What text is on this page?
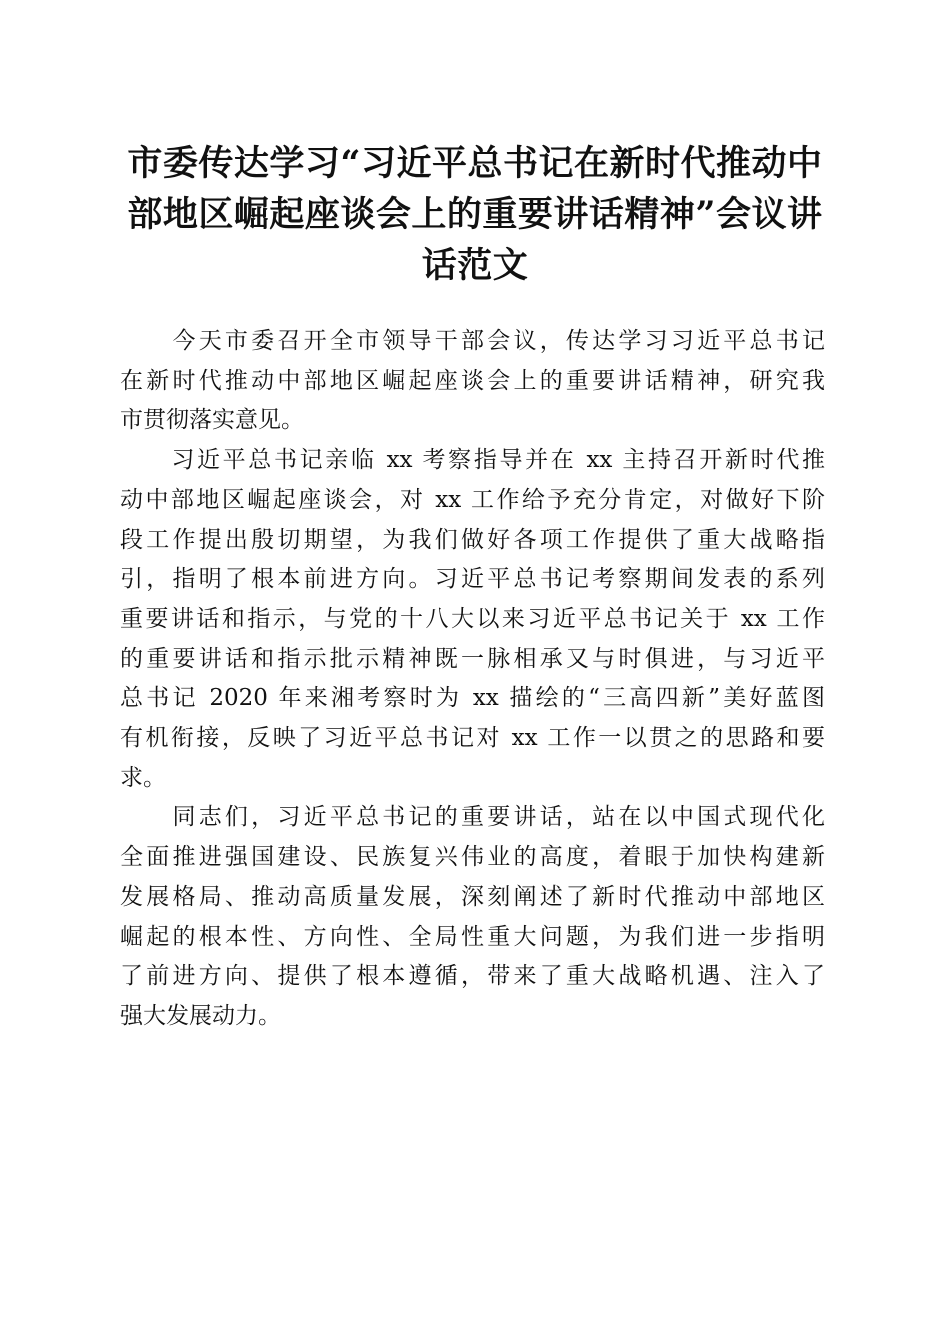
市委传达学习“习近平总书记在新时代推动中
部地区崛起座谈会上的重要讲话精神”会议讲
话范文

　　今天市委召开全市领导干部会议，传达学习习近平总书记
在新时代推动中部地区崛起座谈会上的重要讲话精神，研究我
市贯彻落实意见。

　　习近平总书记亲临 xx 考察指导并在 xx 主持召开新时代推
动中部地区崛起座谈会，对 xx 工作给予充分肯定，对做好下阶
段工作提出殷切期望，为我们做好各项工作提供了重大战略指
引，指明了根本前进方向。习近平总书记考察期间发表的系列
重要讲话和指示，与党的十八大以来习近平总书记关于 xx 工作
的重要讲话和指示批示精神既一脉相承又与时俱进，与习近平
总书记 2020 年来湘考察时为 xx 描绘的“三高四新”美好蓝图
有机衔接，反映了习近平总书记对 xx 工作一以贯之的思路和要
求。

　　同志们，习近平总书记的重要讲话，站在以中国式现代化
全面推进强国建设、民族复兴伟业的高度，着眼于加快构建新
发展格局、推动高质量发展，深刻阐述了新时代推动中部地区
崛起的根本性、方向性、全局性重大问题，为我们进一步指明
了前进方向、提供了根本遵循，带来了重大战略机遇、注入了
强大发展动力。
